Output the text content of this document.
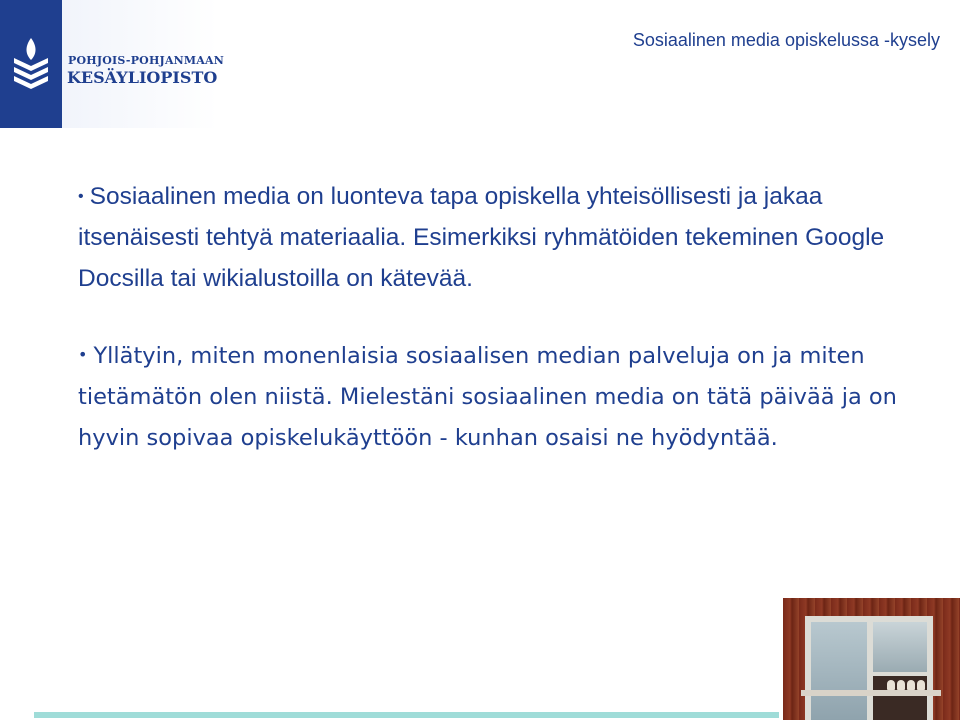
POHJOIS-POHJANMAAN
KESÄYLIOPISTO
Sosiaalinen media opiskelussa -kysely
• Sosiaalinen media on luonteva tapa opiskella yhteisöllisesti ja jakaa itsenäisesti tehtyä materiaalia. Esimerkiksi ryhmätöiden tekeminen Google Docsilla tai wikialustoilla on kätevää.
• Yllätyin, miten monenlaisia sosiaalisen median palveluja on ja miten tietämätön olen niistä. Mielestäni sosiaalinen media on tätä päivää ja on hyvin sopivaa opiskelukäyttöön - kunhan osaisi ne hyödyntää.
